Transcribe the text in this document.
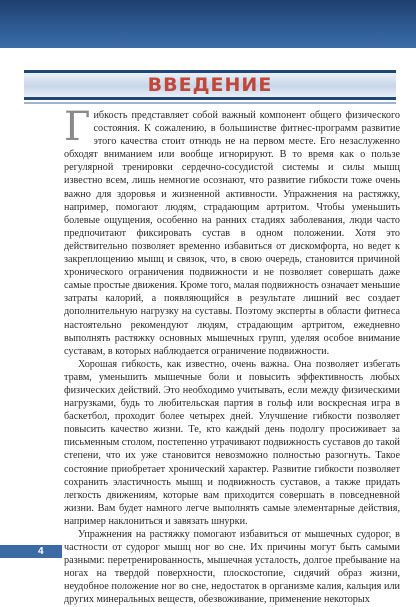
ВВЕДЕНИЕ

Гибкость представляет собой важный компонент общего физического состояния. К сожалению, в большинстве фитнес-программ развитие этого качества стоит отнюдь не на первом месте. Его незаслуженно обходят вниманием или вообще игнорируют. В то время как о пользе регулярной тренировки сердечно-сосудистой системы и силы мышц известно всем, лишь немногие осознают, что развитие гибкости тоже очень важно для здоровья и жизненной активности. Упражнения на растяжку, например, помогают людям, страдающим артритом. Чтобы уменьшить болевые ощущения, особенно на ранних стадиях заболевания, люди часто предпочитают фиксировать сустав в одном положении. Хотя это действительно позволяет временно избавиться от дискомфорта, но ведет к закреплощению мышц и связок, что, в свою очередь, становится причиной хронического ограничения подвижности и не позволяет совершать даже самые простые движения. Кроме того, малая подвижность означает меньшие затраты калорий, а появляющийся в результате лишний вес создает дополнительную нагрузку на суставы. Поэтому эксперты в области фитнеса настоятельно рекомендуют людям, страдающим артритом, ежедневно выполнять растяжку основных мышечных групп, уделяя особое внимание суставам, в которых наблюдается ограничение подвижности.

Хорошая гибкость, как известно, очень важна. Она позволяет избегать травм, уменьшить мышечные боли и повысить эффективность любых физических действий. Это необходимо учитывать, если между физическими нагрузками, будь то любительская партия в гольф или воскресная игра в баскетбол, проходит более четырех дней. Улучшение гибкости позволяет повысить качество жизни. Те, кто каждый день подолгу просиживает за письменным столом, постепенно утрачивают подвижность суставов до такой степени, что их уже становится невозможно полностью разогнуть. Такое состояние приобретает хронический характер. Развитие гибкости позволяет сохранить эластичность мышц и подвижность суставов, а также придать легкость движениям, которые вам приходится совершать в повседневной жизни. Вам будет намного легче выполнять самые элементарные действия, например наклониться и завязать шнурки.

Упражнения на растяжку помогают избавиться от мышечных судорог, в частности от судорог мышц ног во сне. Их причины могут быть самыми разными: перетренированность, мышечная усталость, долгое пребывание на ногах на твердой поверхности, плоскостопие, сидячий образ жизни, неудобное положение ног во сне, недостаток в организме калия, кальция или других минеральных веществ, обезвоживание, применение некоторых

4
